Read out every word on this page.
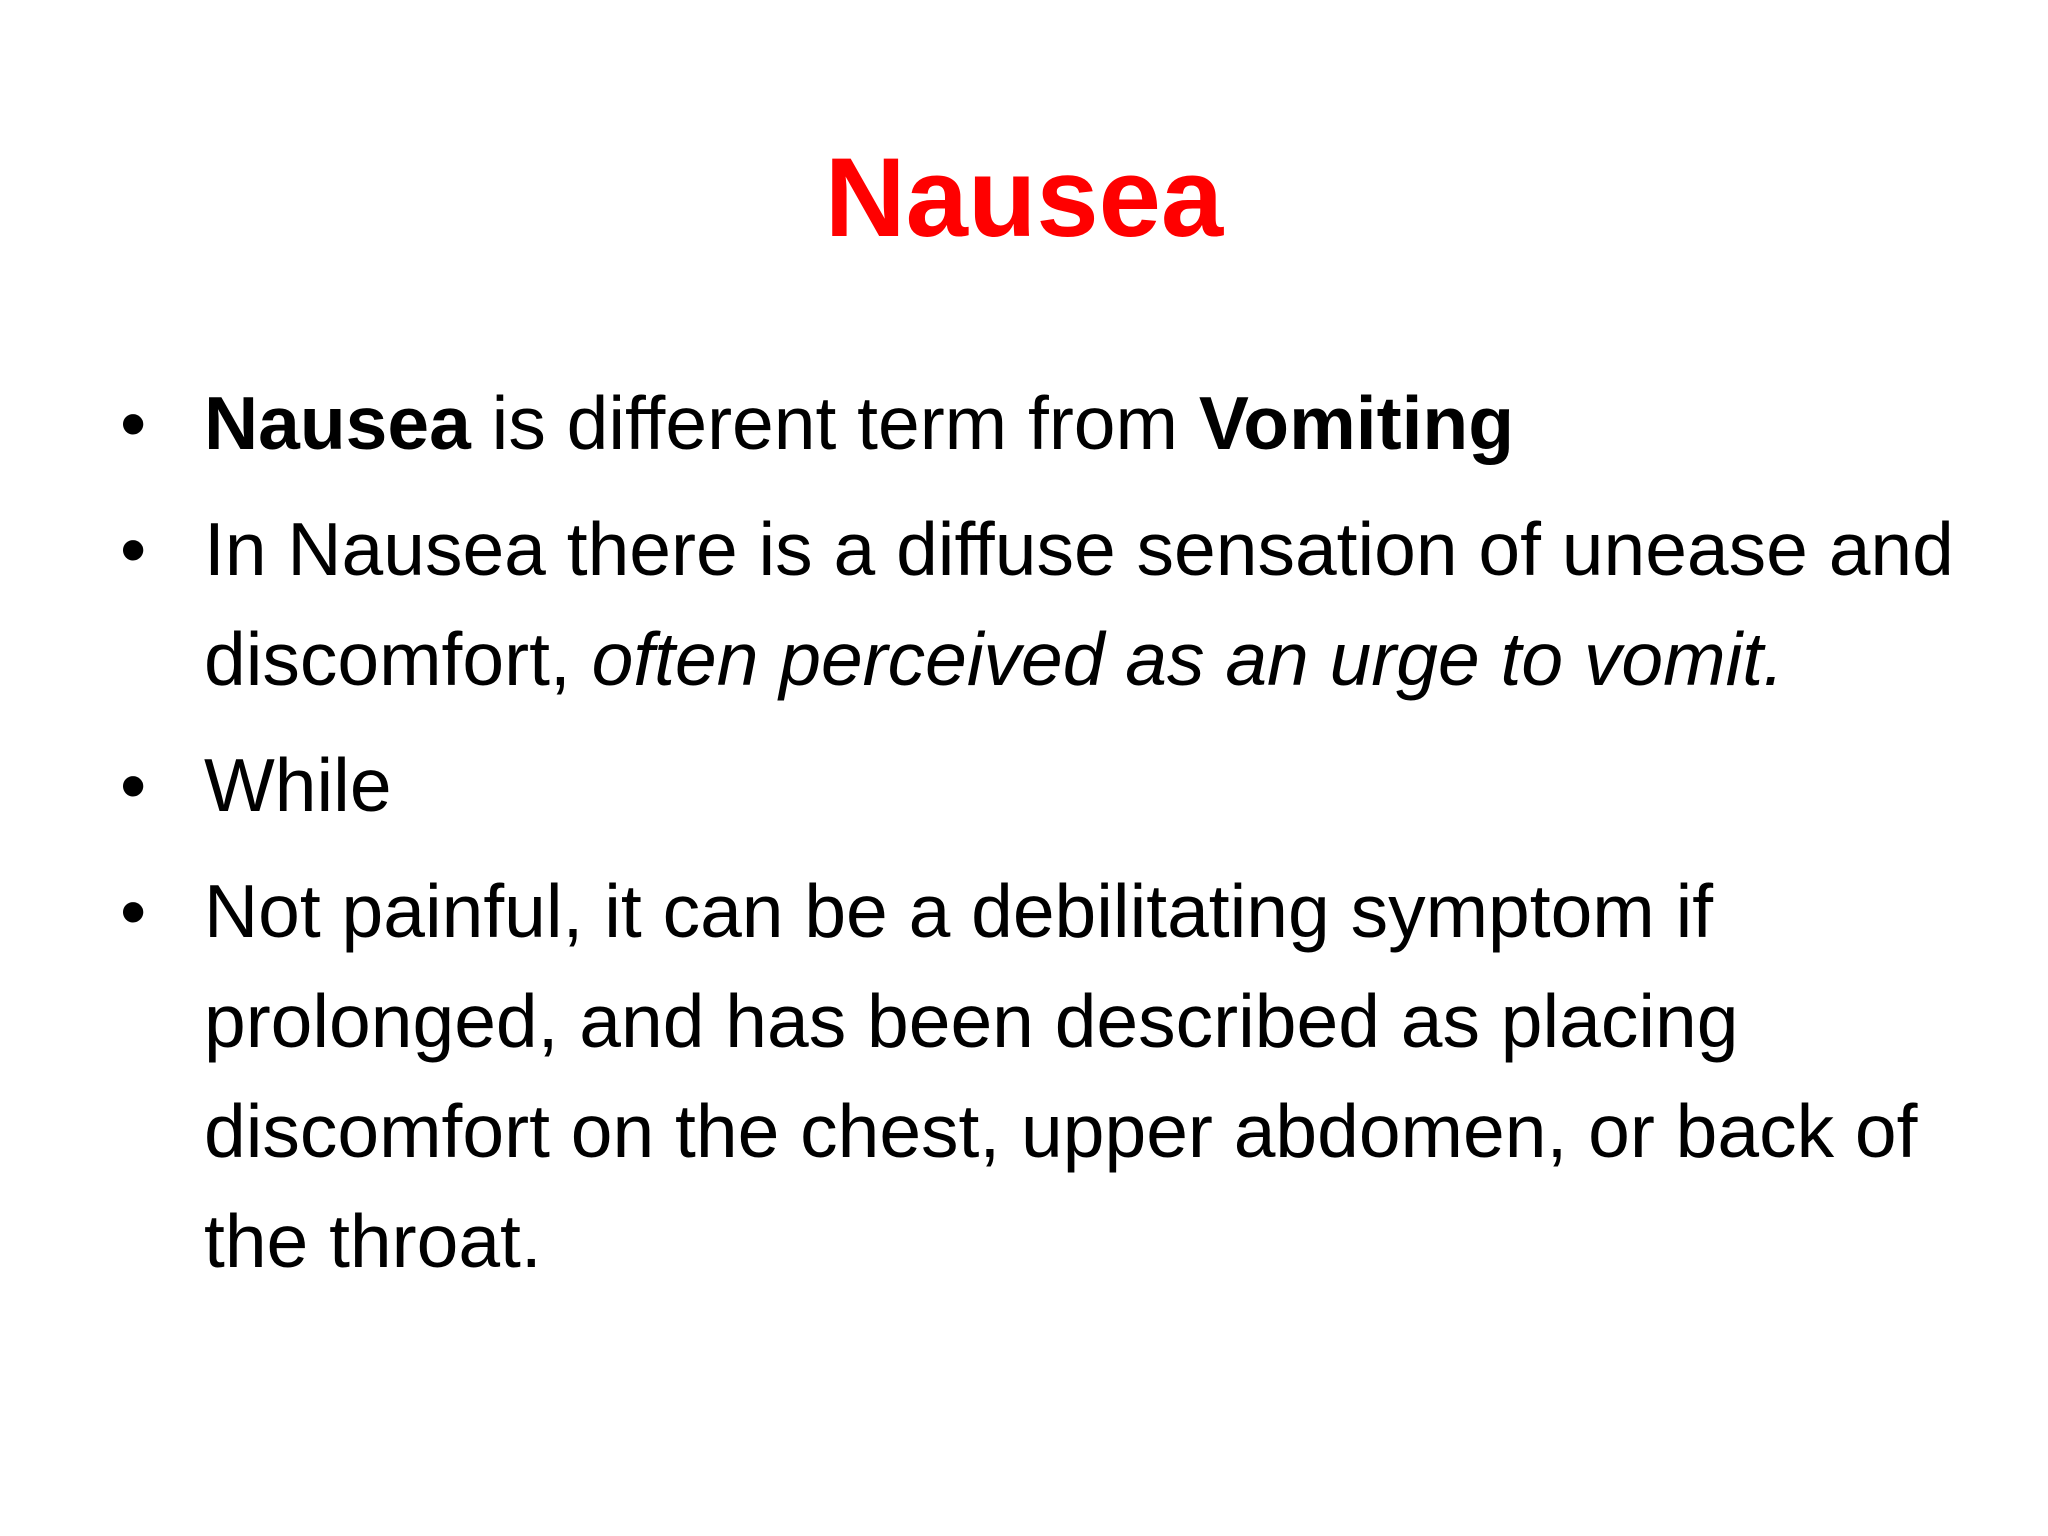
Nausea
• Nausea is different term from Vomiting
• In Nausea there is a diffuse sensation of unease and discomfort, often perceived as an urge to vomit.
• While
• Not painful, it can be a debilitating symptom if prolonged, and has been described as placing discomfort on the chest, upper abdomen, or back of the throat.
